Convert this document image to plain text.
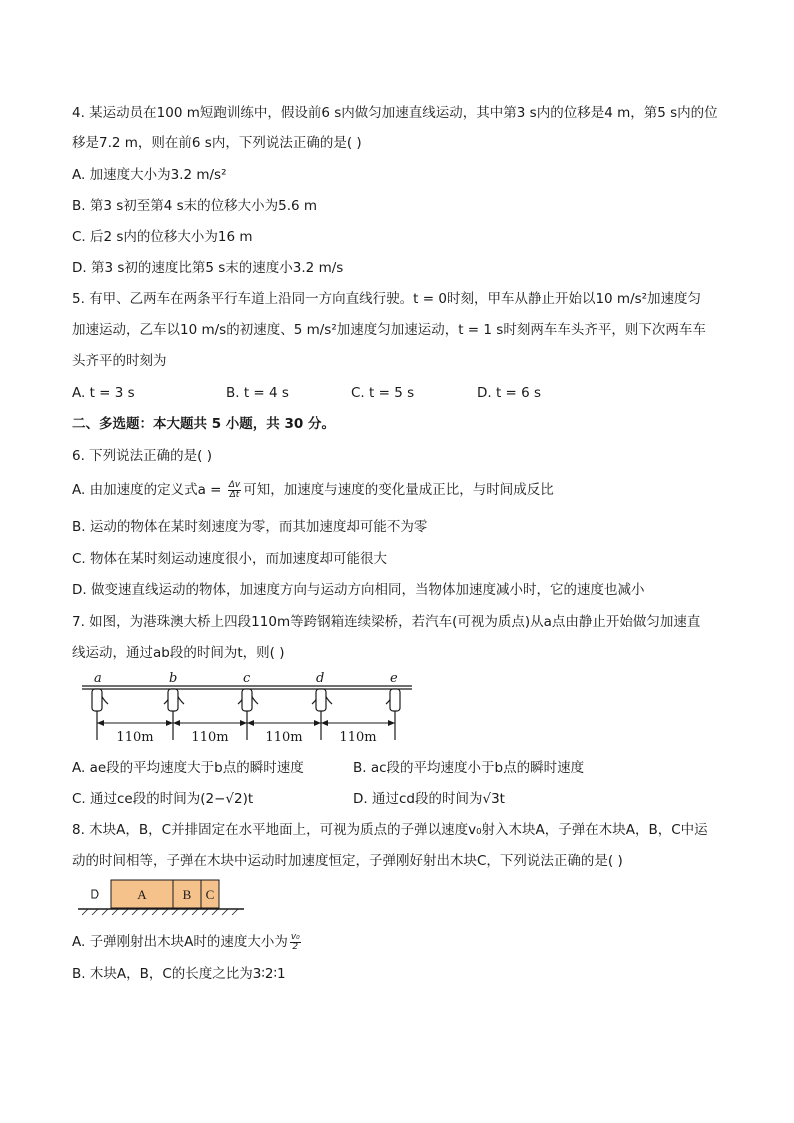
4. 某运动员在100 m短跑训练中，假设前6 s内做匀加速直线运动，其中第3 s内的位移是4 m，第5 s内的位
移是7.2 m，则在前6 s内，下列说法正确的是( )
A. 加速度大小为3.2 m/s²
B. 第3 s初至第4 s末的位移大小为5.6 m
C. 后2 s内的位移大小为16 m
D. 第3 s初的速度比第5 s末的速度小3.2 m/s
5. 有甲、乙两车在两条平行车道上沿同一方向直线行驶。t = 0时刻，甲车从静止开始以10 m/s²加速度匀
加速运动，乙车以10 m/s的初速度、5 m/s²加速度匀加速运动，t = 1 s时刻两车车头齐平，则下次两车车
头齐平的时刻为
A. t = 3 s	B. t = 4 s	C. t = 5 s	D. t = 6 s
二、多选题：本大题共 5 小题，共 30 分。
6. 下列说法正确的是( )
A. 由加速度的定义式$a = \frac{\Delta v}{\Delta t}$ 可知，加速度与速度的变化量成正比，与时间成反比
B. 运动的物体在某时刻速度为零，而其加速度却可能不为零
C. 物体在某时刻运动速度很小，而加速度却可能很大
D. 做变速直线运动的物体，加速度方向与运动方向相同，当物体加速度减小时，它的速度也减小
7. 如图，为港珠澳大桥上四段110m等跨钢箱连续梁桥，若汽车(可视为质点)从a点由静止开始做匀加速直
线运动，通过ab段的时间为t，则( )
a	b	c	d	e
110m	110m	110m	110m
A. ae段的平均速度大于b点的瞬时速度	B. ac段的平均速度小于b点的瞬时速度
C. 通过ce段的时间为(2−√2)t	D. 通过cd段的时间为√3t
8. 木块A，B，C并排固定在水平地面上，可视为质点的子弹以速度v₀射入木块A，子弹在木块A，B，C中运
动的时间相等，子弹在木块中运动时加速度恒定，子弹刚好射出木块C，下列说法正确的是( )
A	B C
A. 子弹刚射出木块A时的速度大小为 $\frac{\text{v₀}}{2}$
B. 木块A，B，C的长度之比为3∶2∶1
